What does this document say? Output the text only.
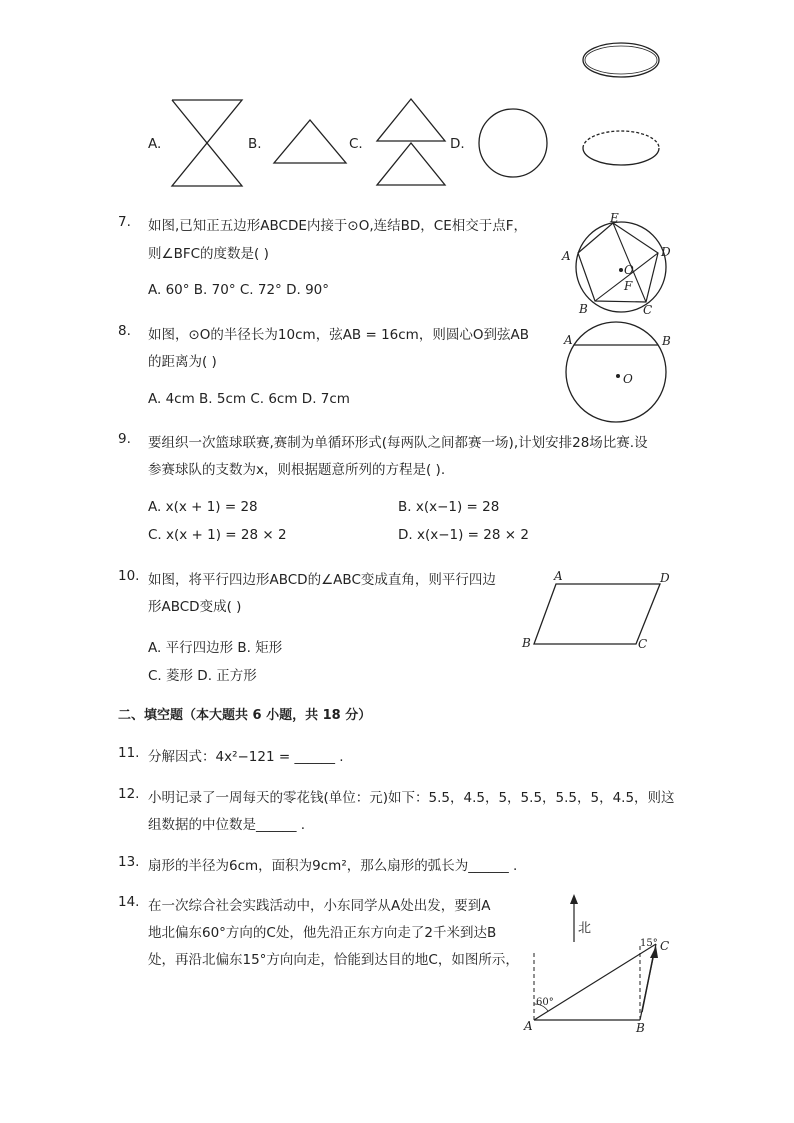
A.	B.	C.	D.
7. 如图,已知正五边形ABCDE内接于⊙O,连结BD，CE相交于点F，
则∠BFC的度数是( )
A. 60° B. 70° C. 72° D. 90°
E
D
A
B	C
O
F
8. 如图，⊙O的半径长为10cm，弦AB = 16cm，则圆心O到弦AB
的距离为( )
A. 4cm B. 5cm C. 6cm D. 7cm
A	B
O
9. 要组织一次篮球联赛,赛制为单循环形式(每两队之间都赛一场),计划安排28场比赛.设
参赛球队的支数为x，则根据题意所列的方程是( ).
A. x(x + 1) = 28	B. x(x−1) = 28
C. x(x + 1) = 28 × 2	D. x(x−1) = 28 × 2
10. 如图，将平行四边形ABCD的∠ABC变成直角，则平行四边
形ABCD变成( )
A. 平行四边形 B. 矩形
C. 菱形 D. 正方形
A	D
B	C
二、填空题（本大题共 6 小题，共 18 分）
11. 分解因式：4x²−121 = ______ .
12. 小明记录了一周每天的零花钱(单位：元)如下：5.5，4.5，5，5.5，5.5，5，4.5，则这
组数据的中位数是______ .
13. 扇形的半径为6cm，面积为9cm²，那么扇形的弧长为______ .
14. 在一次综合社会实践活动中，小东同学从A处出发，要到A
地北偏东60°方向的C处，他先沿正东方向走了2千米到达B
处，再沿北偏东15°方向向走，恰能到达目的地C，如图所示，
北
60°
15°
A	B
C
